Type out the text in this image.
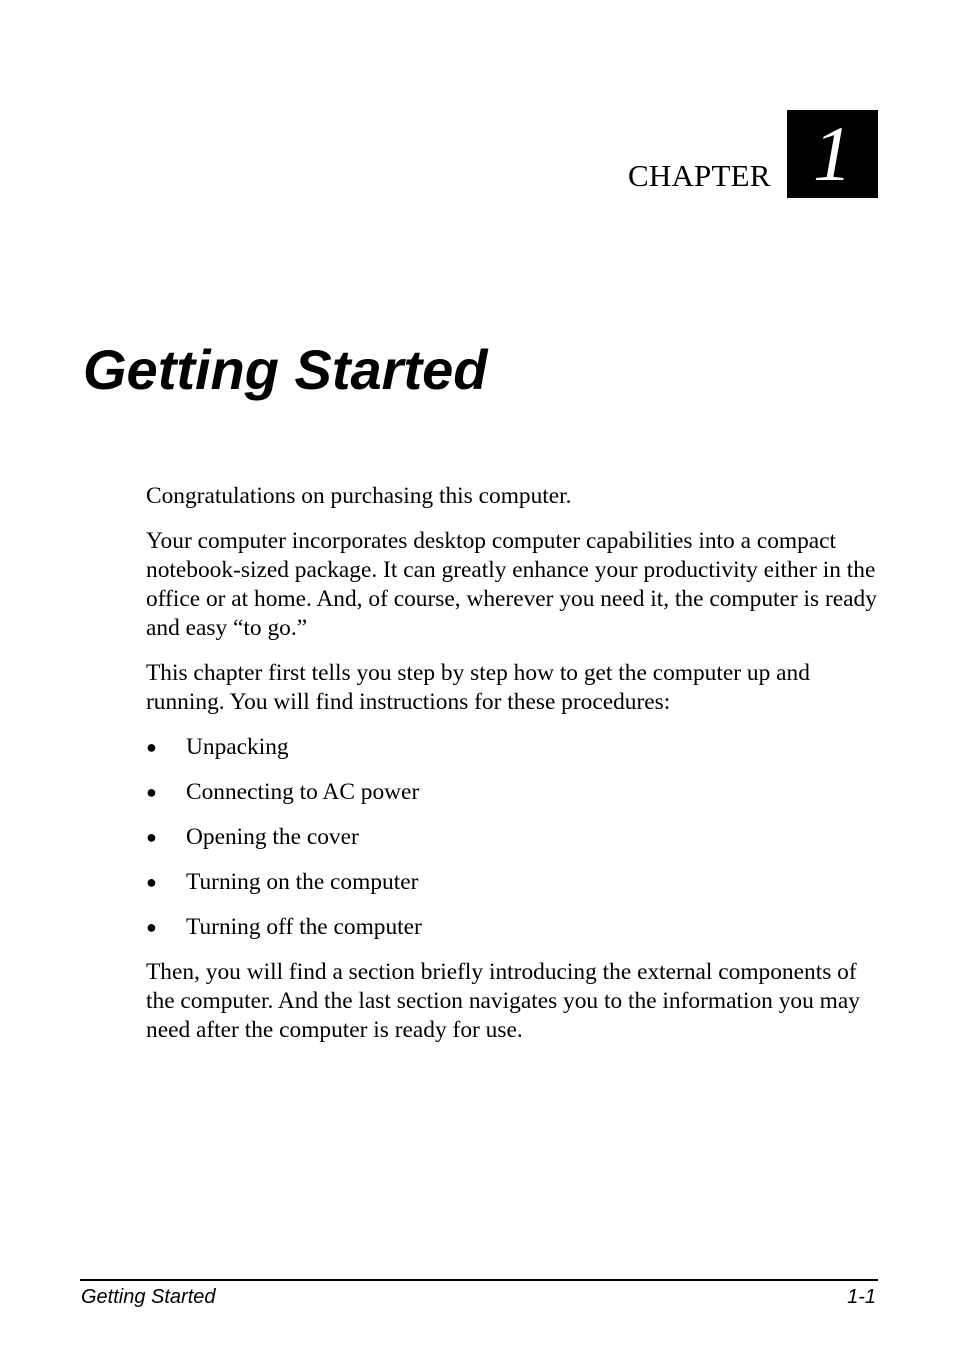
CHAPTER 1
Getting Started

Congratulations on purchasing this computer.

Your computer incorporates desktop computer capabilities into a compact notebook-sized package. It can greatly enhance your productivity either in the office or at home. And, of course, wherever you need it, the computer is ready and easy “to go.”

This chapter first tells you step by step how to get the computer up and running. You will find instructions for these procedures:

● Unpacking
● Connecting to AC power
● Opening the cover
● Turning on the computer
● Turning off the computer

Then, you will find a section briefly introducing the external components of the computer. And the last section navigates you to the information you may need after the computer is ready for use.

Getting Started	1-1
